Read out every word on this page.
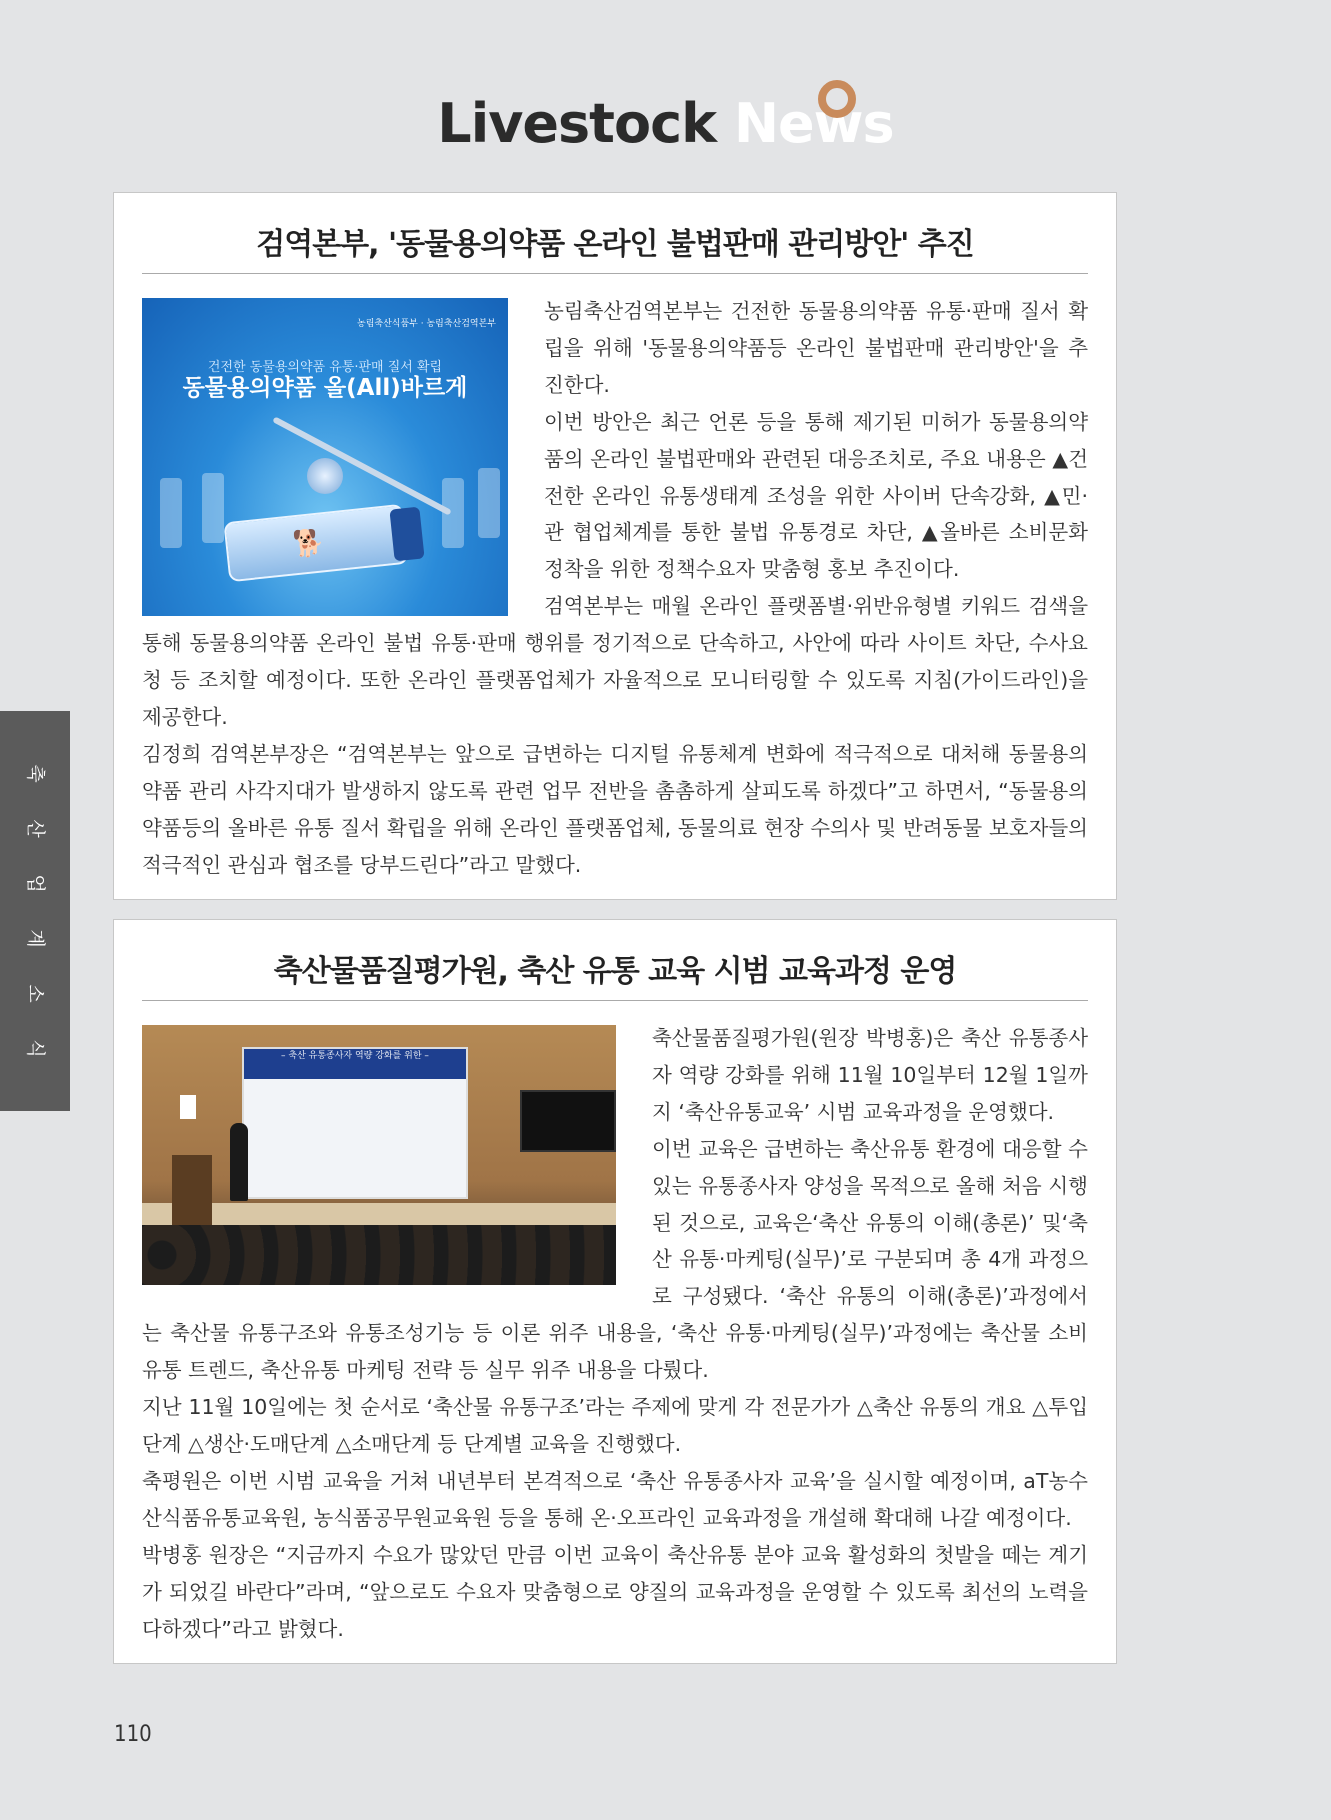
Livestock News
축
산
업
계
소
식
검역본부, '동물용의약품 온라인 불법판매 관리방안' 추진
농림축산식품부 · 농림축산검역본부
건전한 동물용의약품 유통·판매 질서 확립
동물용의약품 올(All)바르게
🐕

농림축산검역본부는 건전한 동물용의약품 유통·판매 질서 확립을 위해 '동물용의약품등 온라인 불법판매 관리방안'을 추진한다.

이번 방안은 최근 언론 등을 통해 제기된 미허가 동물용의약품의 온라인 불법판매와 관련된 대응조치로, 주요 내용은 ▲건전한 온라인 유통생태계 조성을 위한 사이버 단속강화, ▲민·관 협업체계를 통한 불법 유통경로 차단, ▲올바른 소비문화 정착을 위한 정책수요자 맞춤형 홍보 추진이다.

검역본부는 매월 온라인 플랫폼별·위반유형별 키워드 검색을 통해 동물용의약품 온라인 불법 유통·판매 행위를 정기적으로 단속하고, 사안에 따라 사이트 차단, 수사요청 등 조치할 예정이다. 또한 온라인 플랫폼업체가 자율적으로 모니터링할 수 있도록 지침(가이드라인)을 제공한다.

김정희 검역본부장은 “검역본부는 앞으로 급변하는 디지털 유통체계 변화에 적극적으로 대처해 동물용의약품 관리 사각지대가 발생하지 않도록 관련 업무 전반을 촘촘하게 살피도록 하겠다”고 하면서, “동물용의약품등의 올바른 유통 질서 확립을 위해 온라인 플랫폼업체, 동물의료 현장 수의사 및 반려동물 보호자들의 적극적인 관심과 협조를 당부드린다”라고 말했다.

축산물품질평가원, 축산 유통 교육 시범 교육과정 운영
– 축산 유통종사자 역량 강화를 위한 –

축산물품질평가원(원장 박병홍)은 축산 유통종사자 역량 강화를 위해 11월 10일부터 12월 1일까지 ‘축산유통교육’ 시범 교육과정을 운영했다.

이번 교육은 급변하는 축산유통 환경에 대응할 수 있는 유통종사자 양성을 목적으로 올해 처음 시행된 것으로, 교육은‘축산 유통의 이해(총론)’ 및‘축산 유통·마케팅(실무)’로 구분되며 총 4개 과정으로 구성됐다. ‘축산 유통의 이해(총론)’과정에서는 축산물 유통구조와 유통조성기능 등 이론 위주 내용을, ‘축산 유통·마케팅(실무)’과정에는 축산물 소비 유통 트렌드, 축산유통 마케팅 전략 등 실무 위주 내용을 다뤘다.

지난 11월 10일에는 첫 순서로 ‘축산물 유통구조’라는 주제에 맞게 각 전문가가 △축산 유통의 개요 △투입단계 △생산·도매단계 △소매단계 등 단계별 교육을 진행했다.

축평원은 이번 시범 교육을 거쳐 내년부터 본격적으로 ‘축산 유통종사자 교육’을 실시할 예정이며, aT농수산식품유통교육원, 농식품공무원교육원 등을 통해 온·오프라인 교육과정을 개설해 확대해 나갈 예정이다.

박병홍 원장은 “지금까지 수요가 많았던 만큼 이번 교육이 축산유통 분야 교육 활성화의 첫발을 떼는 계기가 되었길 바란다”라며, “앞으로도 수요자 맞춤형으로 양질의 교육과정을 운영할 수 있도록 최선의 노력을 다하겠다”라고 밝혔다.

110
